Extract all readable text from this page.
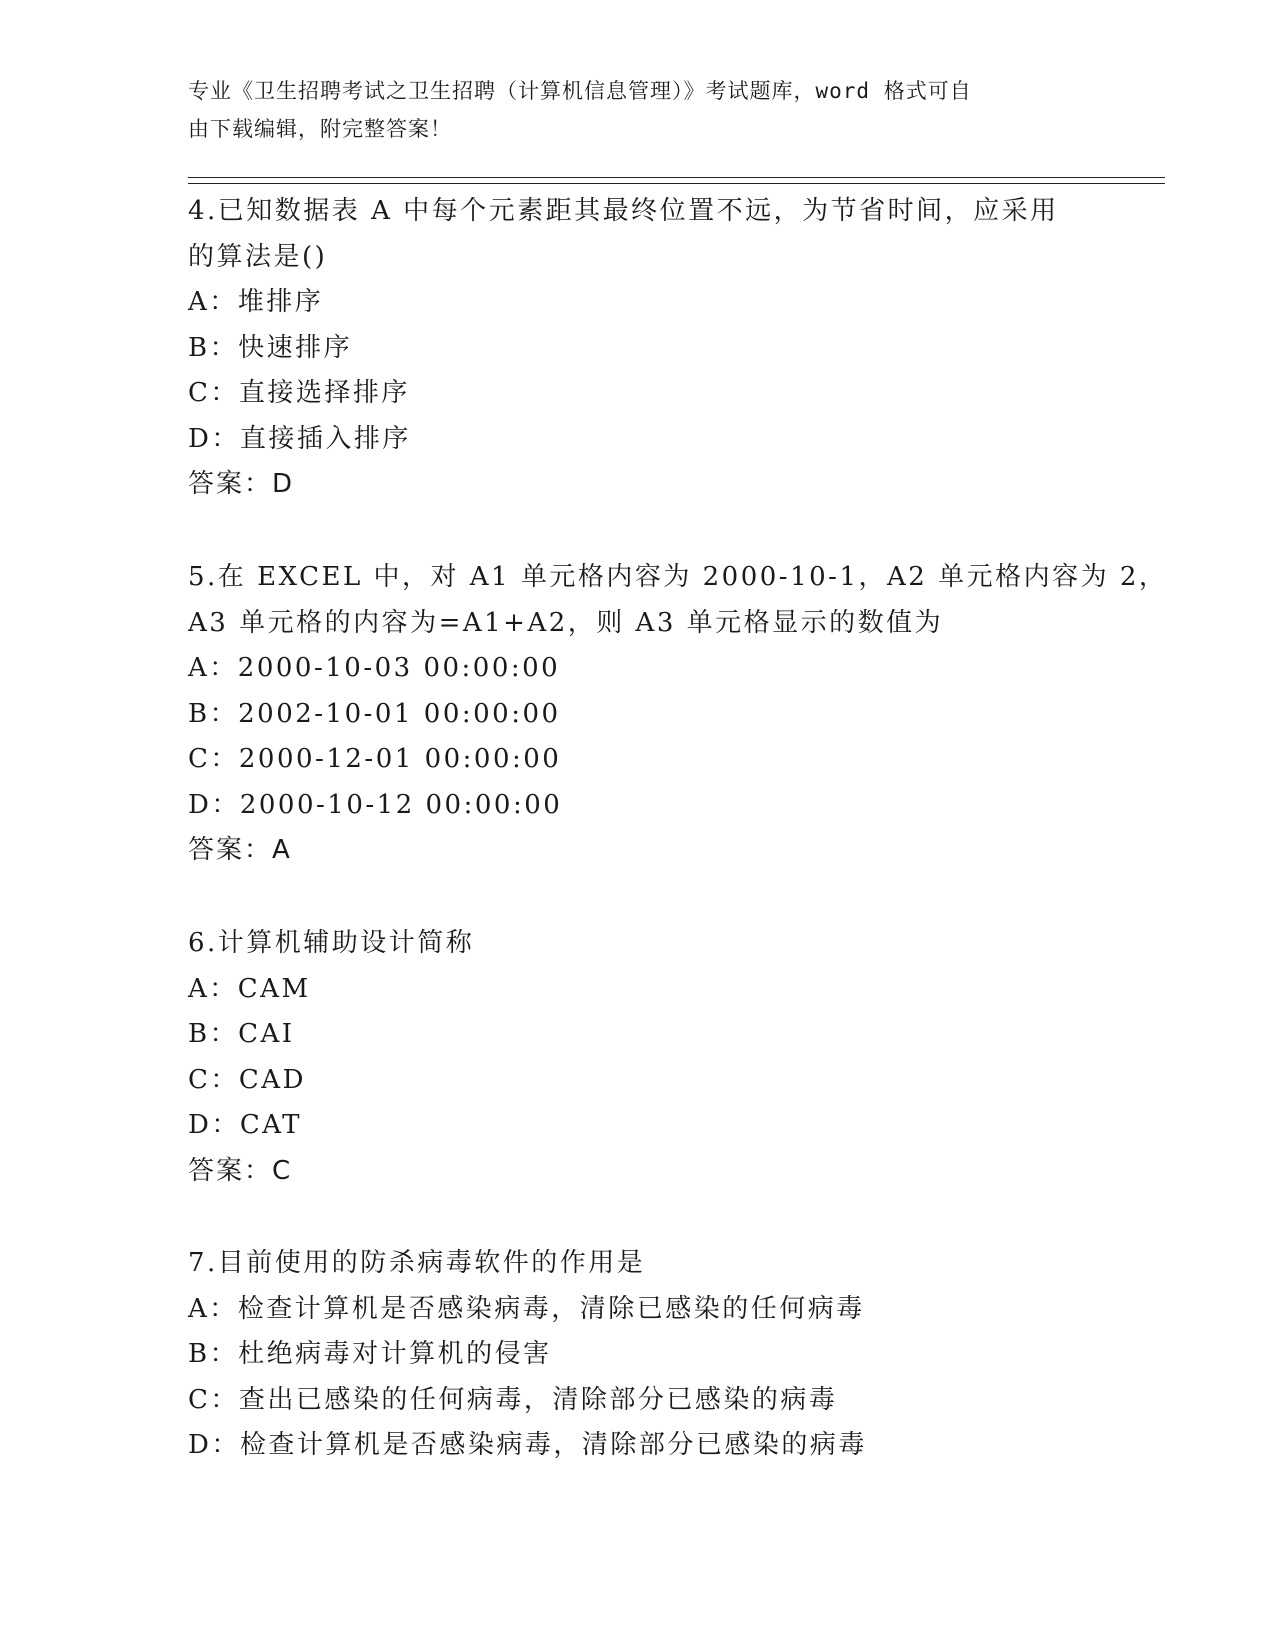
专业《卫生招聘考试之卫生招聘（计算机信息管理）》考试题库，word 格式可自
由下载编辑，附完整答案！
4.已知数据表 A 中每个元素距其最终位置不远，为节省时间，应采用
的算法是()
A：堆排序
B：快速排序
C：直接选择排序
D：直接插入排序
答案：D
5.在 EXCEL 中，对 A1 单元格内容为 2000-10-1，A2 单元格内容为 2，
A3 单元格的内容为=A1+A2，则 A3 单元格显示的数值为
A：2000-10-03 00:00:00
B：2002-10-01 00:00:00
C：2000-12-01 00:00:00
D：2000-10-12 00:00:00
答案：A
6.计算机辅助设计简称
A：CAM
B：CAI
C：CAD
D：CAT
答案：C
7.目前使用的防杀病毒软件的作用是
A：检查计算机是否感染病毒，清除已感染的任何病毒
B：杜绝病毒对计算机的侵害
C：查出已感染的任何病毒，清除部分已感染的病毒
D：检查计算机是否感染病毒，清除部分已感染的病毒
